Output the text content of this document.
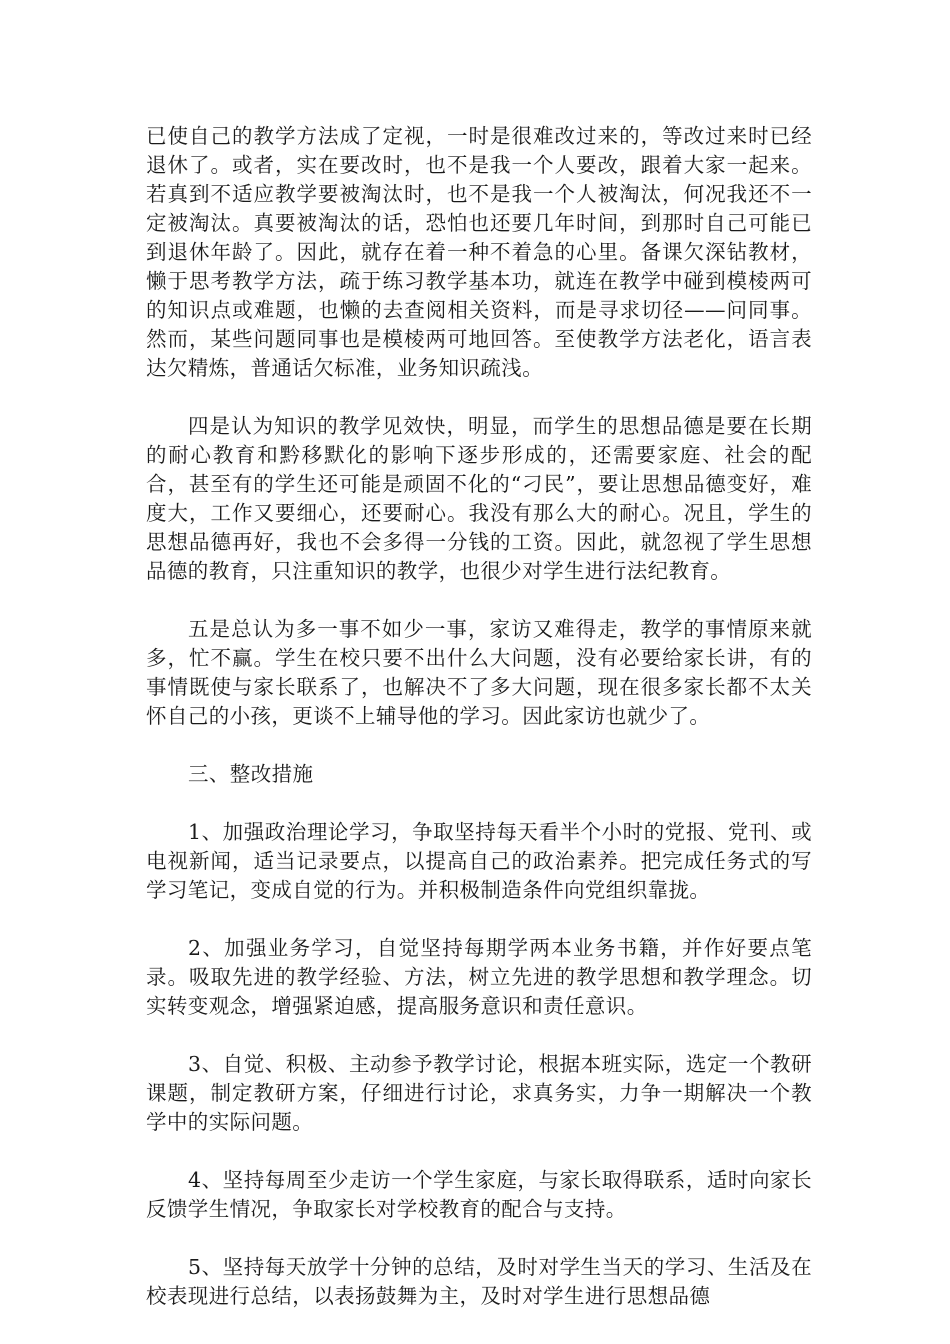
已使自己的教学方法成了定视，一时是很难改过来的，等改过来时已经退休了。或者，实在要改时，也不是我一个人要改，跟着大家一起来。若真到不适应教学要被淘汰时，也不是我一个人被淘汰，何况我还不一定被淘汰。真要被淘汰的话，恐怕也还要几年时间，到那时自己可能已到退休年龄了。因此，就存在着一种不着急的心里。备课欠深钻教材，懒于思考教学方法，疏于练习教学基本功，就连在教学中碰到模棱两可的知识点或难题，也懒的去查阅相关资料，而是寻求切径——问同事。然而，某些问题同事也是模棱两可地回答。至使教学方法老化，语言表达欠精炼，普通话欠标准，业务知识疏浅。

四是认为知识的教学见效快，明显，而学生的思想品德是要在长期的耐心教育和黔移默化的影响下逐步形成的，还需要家庭、社会的配合，甚至有的学生还可能是顽固不化的“刁民”，要让思想品德变好，难度大，工作又要细心，还要耐心。我没有那么大的耐心。况且，学生的思想品德再好，我也不会多得一分钱的工资。因此，就忽视了学生思想品德的教育，只注重知识的教学，也很少对学生进行法纪教育。

五是总认为多一事不如少一事，家访又难得走，教学的事情原来就多，忙不赢。学生在校只要不出什么大问题，没有必要给家长讲，有的事情既使与家长联系了，也解决不了多大问题，现在很多家长都不太关怀自己的小孩，更谈不上辅导他的学习。因此家访也就少了。

三、整改措施

1、加强政治理论学习，争取坚持每天看半个小时的党报、党刊、或电视新闻，适当记录要点，以提高自己的政治素养。把完成任务式的写学习笔记，变成自觉的行为。并积极制造条件向党组织靠拢。

2、加强业务学习，自觉坚持每期学两本业务书籍，并作好要点笔录。吸取先进的教学经验、方法，树立先进的教学思想和教学理念。切实转变观念，增强紧迫感，提高服务意识和责任意识。

3、自觉、积极、主动参予教学讨论，根据本班实际，选定一个教研课题，制定教研方案，仔细进行讨论，求真务实，力争一期解决一个教学中的实际问题。

4、坚持每周至少走访一个学生家庭，与家长取得联系，适时向家长反馈学生情况，争取家长对学校教育的配合与支持。

5、坚持每天放学十分钟的总结，及时对学生当天的学习、生活及在校表现进行总结，以表扬鼓舞为主，及时对学生进行思想品德
